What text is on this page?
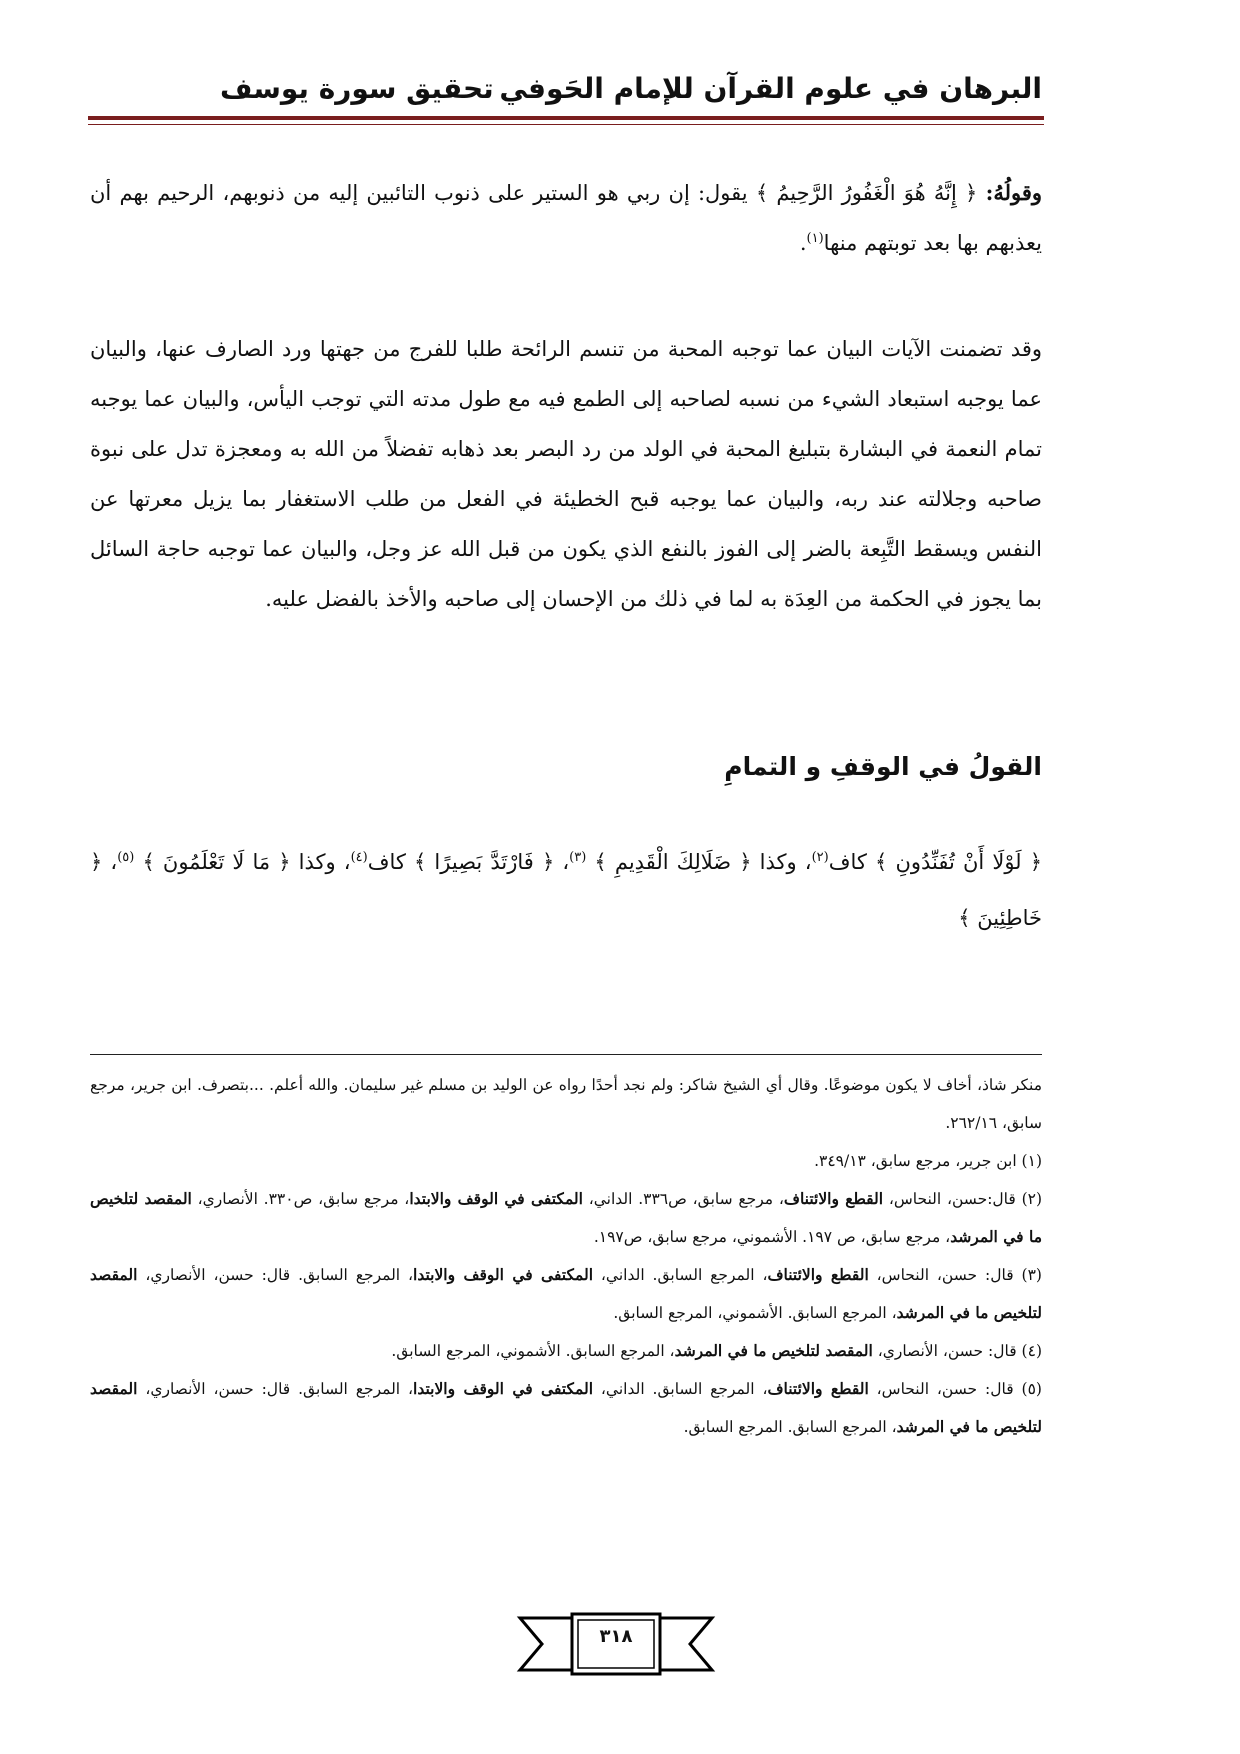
البرهان في علوم القرآن للإمام الحَوفي
تحقيق سورة يوسف
وقولُهُ: ﴿ إِنَّهُ هُوَ الْغَفُورُ الرَّحِيمُ ﴾ يقول: إن ربي هو الستير على ذنوب التائبين إليه من ذنوبهم، الرحيم بهم أن يعذبهم بها بعد توبتهم منها$^{(١)}$.
وقد تضمنت الآيات البيان عما توجبه المحبة من تنسم الرائحة طلبا للفرج من جهتها ورد الصارف عنها، والبيان عما يوجبه استبعاد الشيء من نسبه لصاحبه إلى الطمع فيه مع طول مدته التي توجب اليأس، والبيان عما يوجبه تمام النعمة في البشارة بتبليغ المحبة في الولد من رد البصر بعد ذهابه تفضلاً من الله به ومعجزة تدل على نبوة صاحبه وجلالته عند ربه، والبيان عما يوجبه قبح الخطيئة في الفعل من طلب الاستغفار بما يزيل معرتها عن النفس ويسقط التَّبِعة بالضر إلى الفوز بالنفع الذي يكون من قبل الله عز وجل، والبيان عما توجبه حاجة السائل بما يجوز في الحكمة من العِدَة به لما في ذلك من الإحسان إلى صاحبه والأخذ بالفضل عليه.
القولُ في الوقفِ و التمامِ
﴿ لَوْلَا أَنْ تُفَنِّدُونِ ﴾ كاف$^{(٢)}$، وكذا ﴿ ضَلَالِكَ الْقَدِيمِ ﴾ $^{(٣)}$، ﴿ فَارْتَدَّ بَصِيرًا ﴾ كاف$^{(٤)}$، وكذا ﴿ مَا لَا تَعْلَمُونَ ﴾ $^{(٥)}$، ﴿ خَاطِئِينَ ﴾
منكر شاذ، أخاف لا يكون موضوعًا. وقال أي الشيخ شاكر: ولم نجد أحدًا رواه عن الوليد بن مسلم غير سليمان. والله أعلم. ...بتصرف. ابن جرير، مرجع سابق، ٢٦٢/١٦.
(١) ابن جرير، مرجع سابق، ٣٤٩/١٣.
(٢) قال:حسن، النحاس، القطع والائتناف، مرجع سابق، ص٣٣٦. الداني، المكتفى في الوقف والابتدا، مرجع سابق، ص٣٣٠. الأنصاري، المقصد لتلخيص ما في المرشد، مرجع سابق، ص ١٩٧. الأشموني، مرجع سابق، ص١٩٧.
(٣) قال: حسن، النحاس، القطع والائتناف، المرجع السابق. الداني، المكتفى في الوقف والابتدا، المرجع السابق. قال: حسن، الأنصاري، المقصد لتلخيص ما في المرشد، المرجع السابق. الأشموني، المرجع السابق.
(٤) قال: حسن، الأنصاري، المقصد لتلخيص ما في المرشد، المرجع السابق. الأشموني، المرجع السابق.
(٥) قال: حسن، النحاس، القطع والائتناف، المرجع السابق. الداني، المكتفى في الوقف والابتدا، المرجع السابق. قال: حسن، الأنصاري، المقصد لتلخيص ما في المرشد، المرجع السابق. المرجع السابق.
٣١٨
